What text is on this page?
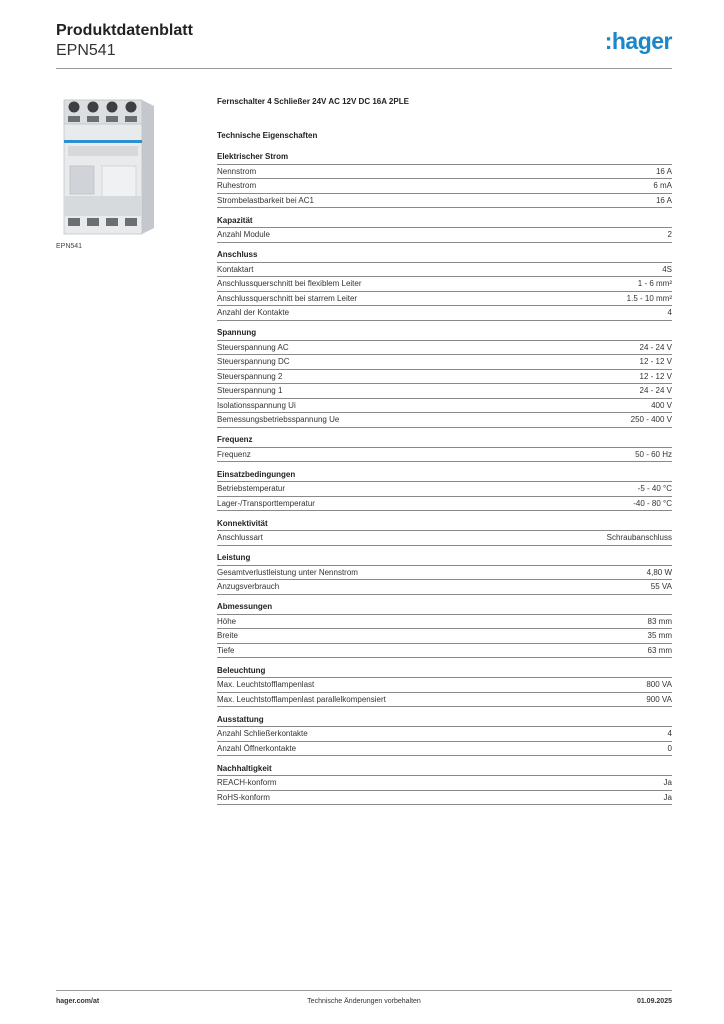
Produktdatenblatt
EPN541	:hager
EPN541
Fernschalter 4 Schließer 24V AC 12V DC 16A 2PLE
Technische Eigenschaften
Elektrischer Strom
Nennstrom	16 A
Ruhestrom	6 mA
Strombelastbarkeit bei AC1	16 A
Kapazität
Anzahl Module	2
Anschluss
Kontaktart	4S
Anschlussquerschnitt bei flexiblem Leiter	1 - 6 mm²
Anschlussquerschnitt bei starrem Leiter	1.5 - 10 mm²
Anzahl der Kontakte	4
Spannung
Steuerspannung AC	24 - 24 V
Steuerspannung DC	12 - 12 V
Steuerspannung 2	12 - 12 V
Steuerspannung 1	24 - 24 V
Isolationsspannung Ui	400 V
Bemessungsbetriebsspannung Ue	250 - 400 V
Frequenz
Frequenz	50 - 60 Hz
Einsatzbedingungen
Betriebstemperatur	-5 - 40 °C
Lager-/Transporttemperatur	-40 - 80 °C
Konnektivität
Anschlussart	Schraubanschluss
Leistung
Gesamtverlustleistung unter Nennstrom	4,80 W
Anzugsverbrauch	55 VA
Abmessungen
Höhe	83 mm
Breite	35 mm
Tiefe	63 mm
Beleuchtung
Max. Leuchtstofflampenlast	800 VA
Max. Leuchtstofflampenlast parallelkompensiert	900 VA
Ausstattung
Anzahl Schließerkontakte	4
Anzahl Öffnerkontakte	0
Nachhaltigkeit
REACH-konform	Ja
RoHS-konform	Ja
hager.com/at	Technische Änderungen vorbehalten	01.09.2025
